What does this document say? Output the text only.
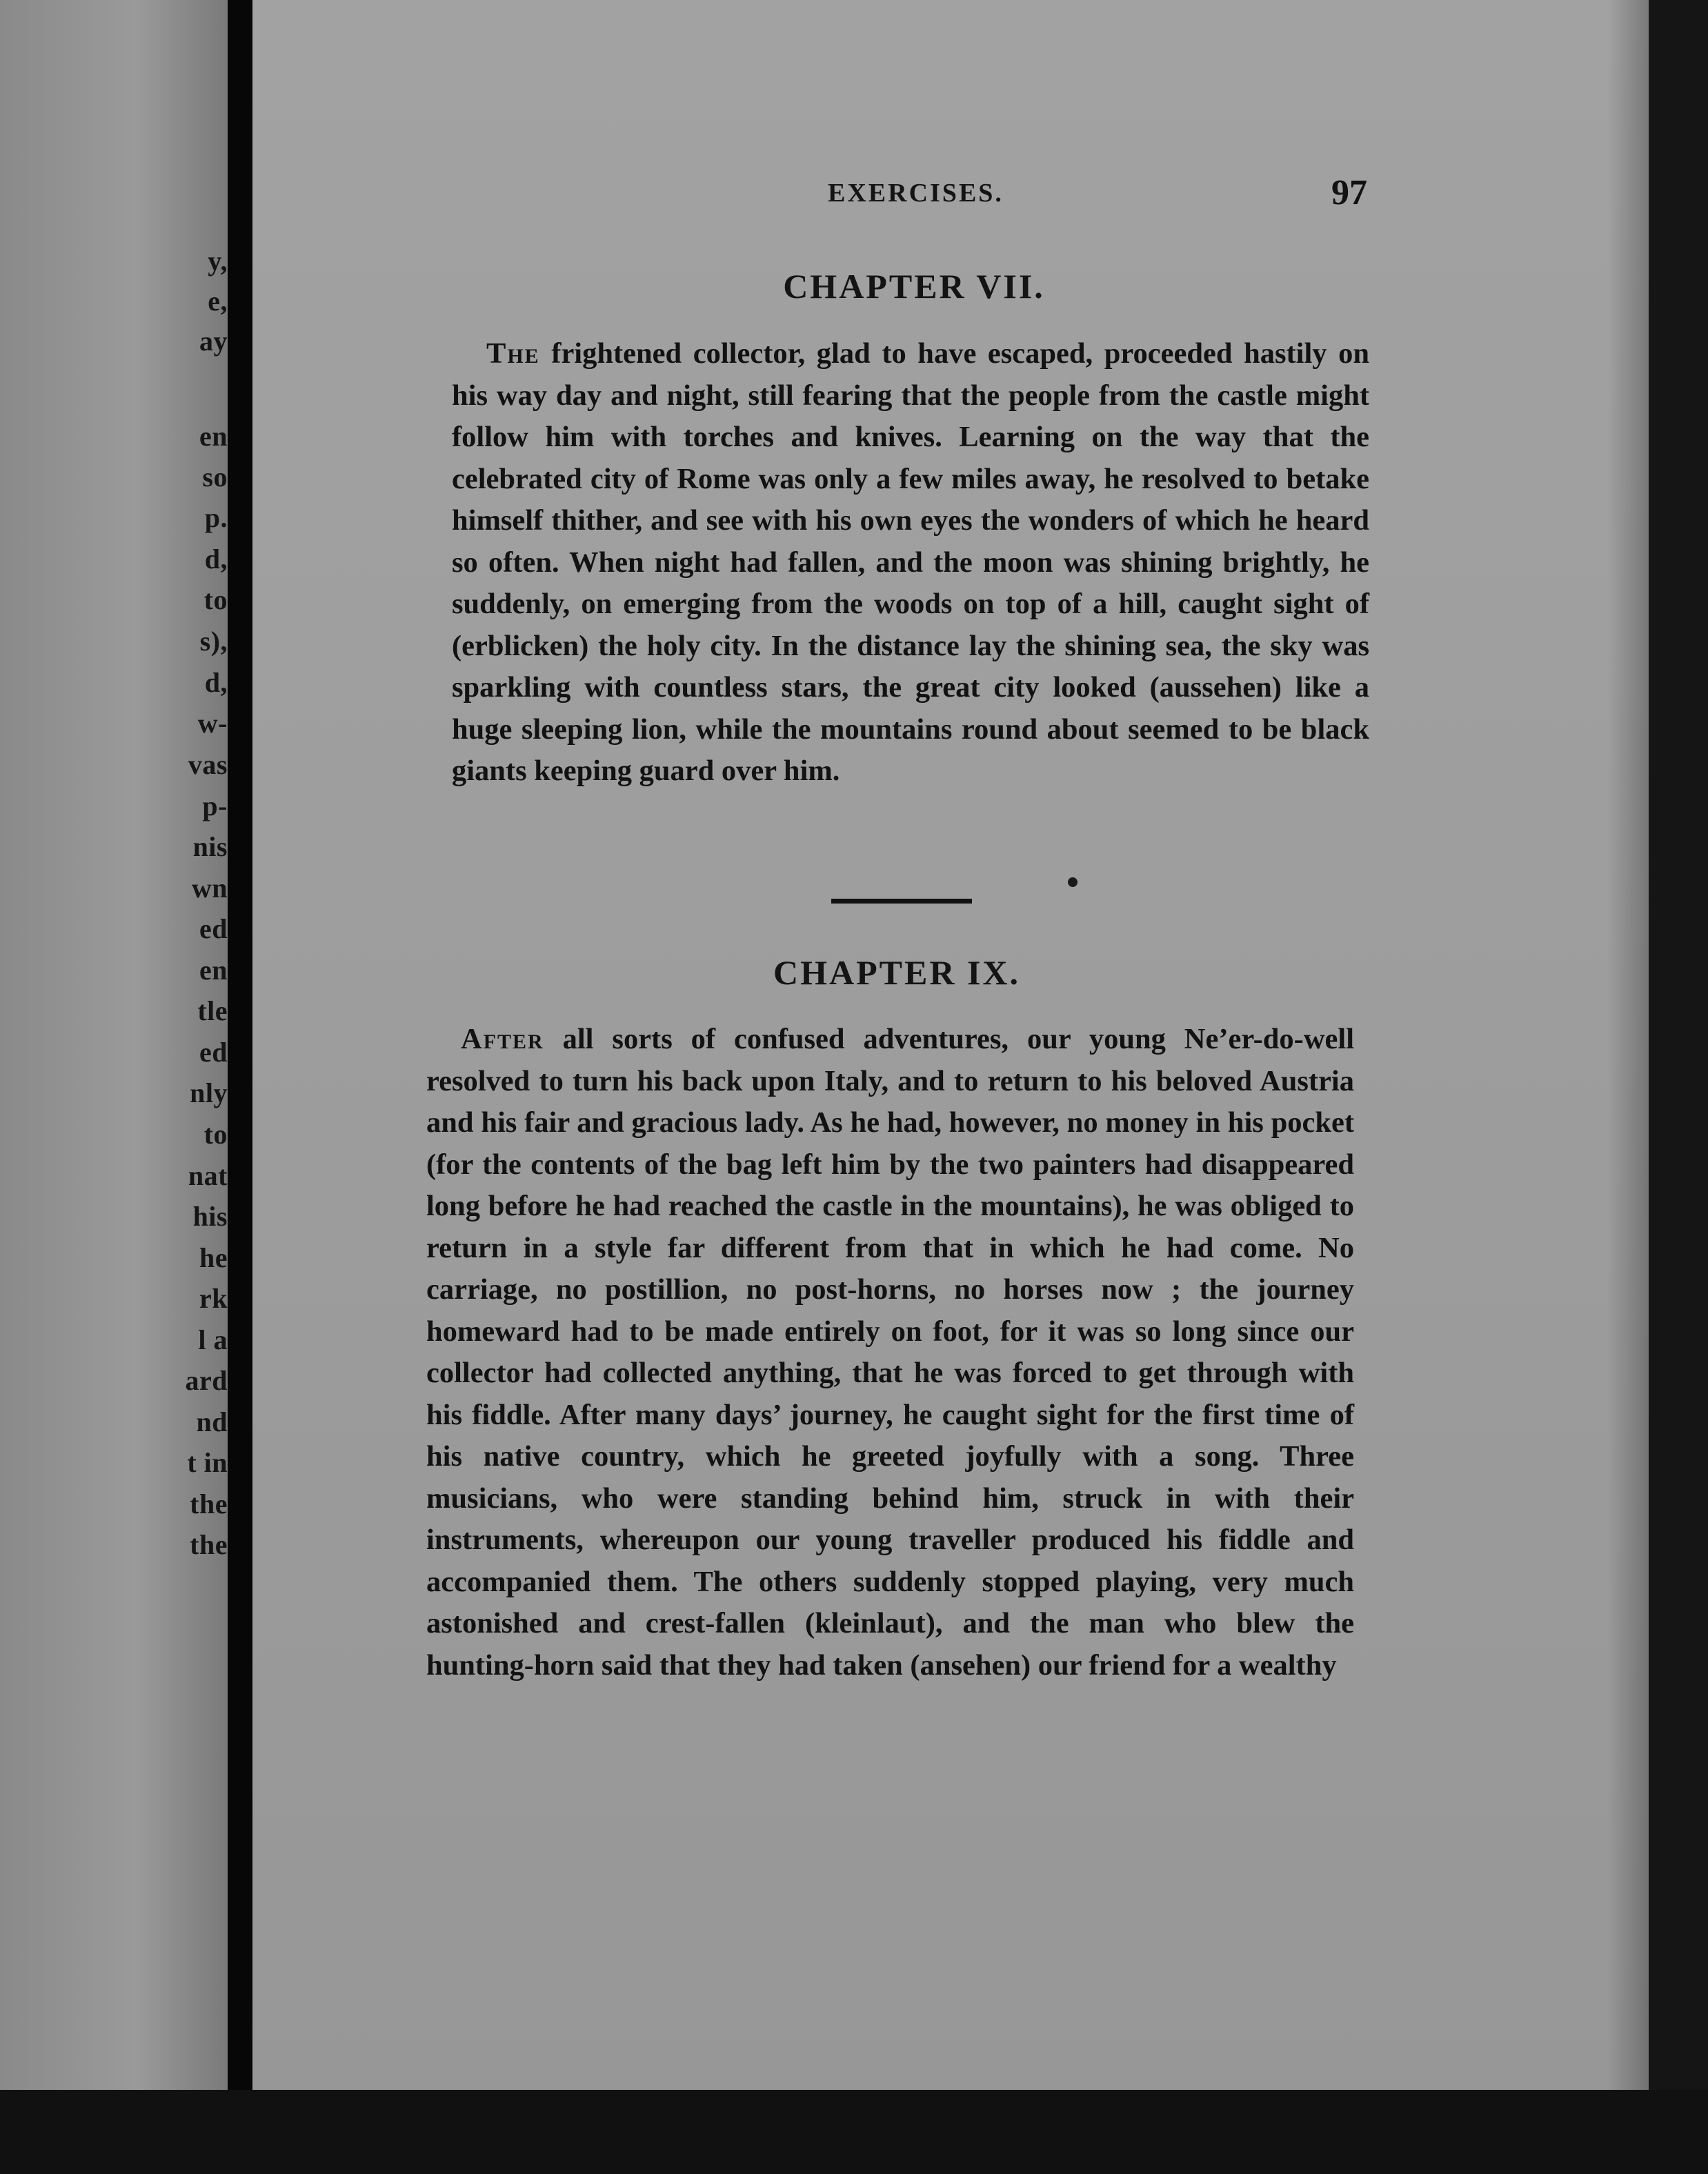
y,
e,
ay
en
so
p.
d,
to
s),
d,
w-
vas
p-
nis
wn
ed
en
tle
ed
nly
to
nat
his
he
rk
l a
ard
nd
t in
the
the
EXERCISES.	97
CHAPTER VII.

The frightened collector, glad to have escaped, proceeded hastily on his way day and night, still fearing that the people from the castle might follow him with torches and knives. Learning on the way that the celebrated city of Rome was only a few miles away, he resolved to betake himself thither, and see with his own eyes the wonders of which he heard so often. When night had fallen, and the moon was shining brightly, he suddenly, on emerging from the woods on top of a hill, caught sight of (erblicken) the holy city. In the distance lay the shining sea, the sky was sparkling with countless stars, the great city looked (aussehen) like a huge sleeping lion, while the mountains round about seemed to be black giants keeping guard over him.

CHAPTER IX.

After all sorts of confused adventures, our young Ne’er-do-well resolved to turn his back upon Italy, and to return to his beloved Austria and his fair and gracious lady. As he had, however, no money in his pocket (for the contents of the bag left him by the two painters had disappeared long before he had reached the castle in the mountains), he was obliged to return in a style far different from that in which he had come. No carriage, no postillion, no post-horns, no horses now ; the journey homeward had to be made entirely on foot, for it was so long since our collector had collected anything, that he was forced to get through with his fiddle. After many days’ journey, he caught sight for the first time of his native country, which he greeted joyfully with a song. Three musicians, who were standing behind him, struck in with their instruments, whereupon our young traveller produced his fiddle and accompanied them. The others suddenly stopped playing, very much astonished and crest-fallen (kleinlaut), and the man who blew the hunting-horn said that they had taken (ansehen) our friend for a wealthy
